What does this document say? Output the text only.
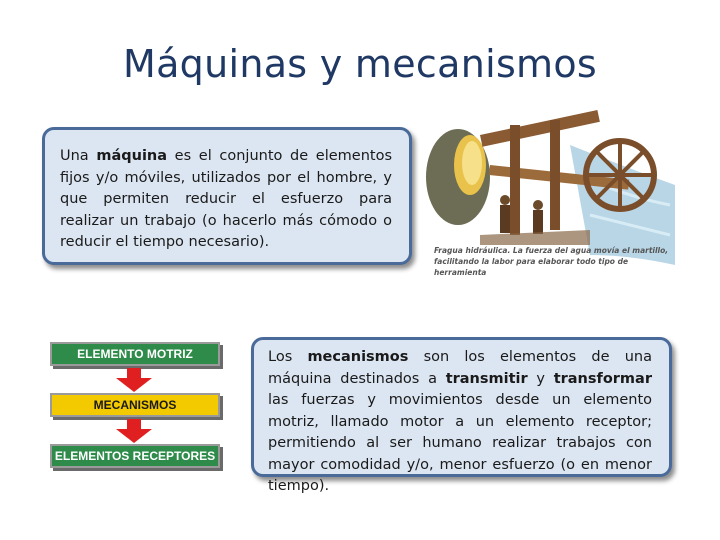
Máquinas y mecanismos
Una máquina es el conjunto de elementos fijos y/o móviles, utilizados por el hombre, y que permiten reducir el esfuerzo para realizar un trabajo (o hacerlo más cómodo o reducir el tiempo necesario).
Fragua hidráulica. La fuerza del agua movía el martillo, facilitando la labor para elaborar todo tipo de herramienta
ELEMENTO MOTRIZ
MECANISMOS
ELEMENTOS RECEPTORES
Los mecanismos son los elementos de una máquina destinados a transmitir y transformar las fuerzas y movimientos desde un elemento motriz, llamado motor a un elemento receptor; permitiendo al ser humano realizar trabajos con mayor comodidad y/o, menor esfuerzo (o en menor tiempo).
